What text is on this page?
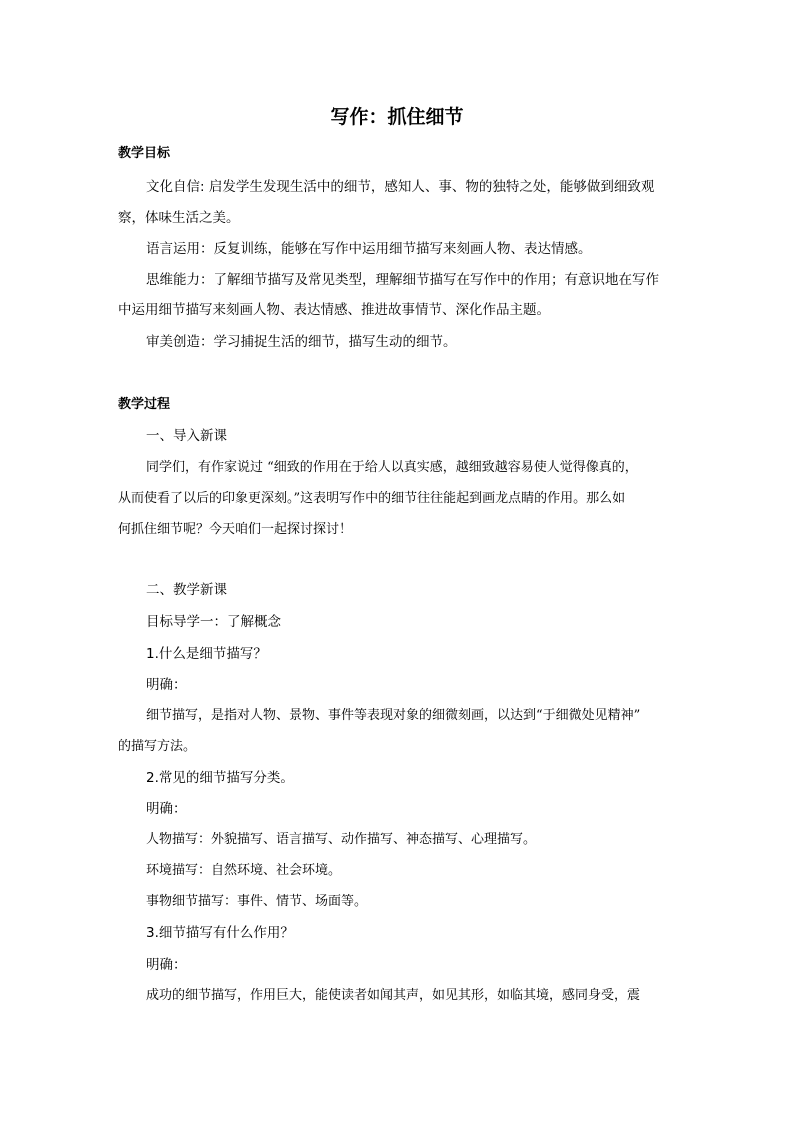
写作：抓住细节
教学目标
文化自信: 启发学生发现生活中的细节，感知人、事、物的独特之处，能够做到细致观
察，体味生活之美。
语言运用：反复训练，能够在写作中运用细节描写来刻画人物、表达情感。
思维能力：了解细节描写及常见类型，理解细节描写在写作中的作用；有意识地在写作
中运用细节描写来刻画人物、表达情感、推进故事情节、深化作品主题。
审美创造：学习捕捉生活的细节，描写生动的细节。
教学过程
一、导入新课
同学们，有作家说过 “细致的作用在于给人以真实感，越细致越容易使人觉得像真的，
从而使看了以后的印象更深刻。”这表明写作中的细节往往能起到画龙点睛的作用。那么如
何抓住细节呢？今天咱们一起探讨探讨！
二、教学新课
目标导学一：了解概念
1.什么是细节描写？
明确：
细节描写，是指对人物、景物、事件等表现对象的细微刻画，以达到“于细微处见精神”
的描写方法。
2.常见的细节描写分类。
明确：
人物描写：外貌描写、语言描写、动作描写、神态描写、心理描写。
环境描写：自然环境、社会环境。
事物细节描写：事件、情节、场面等。
3.细节描写有什么作用？
明确：
成功的细节描写，作用巨大，能使读者如闻其声，如见其形，如临其境，感同身受，震
